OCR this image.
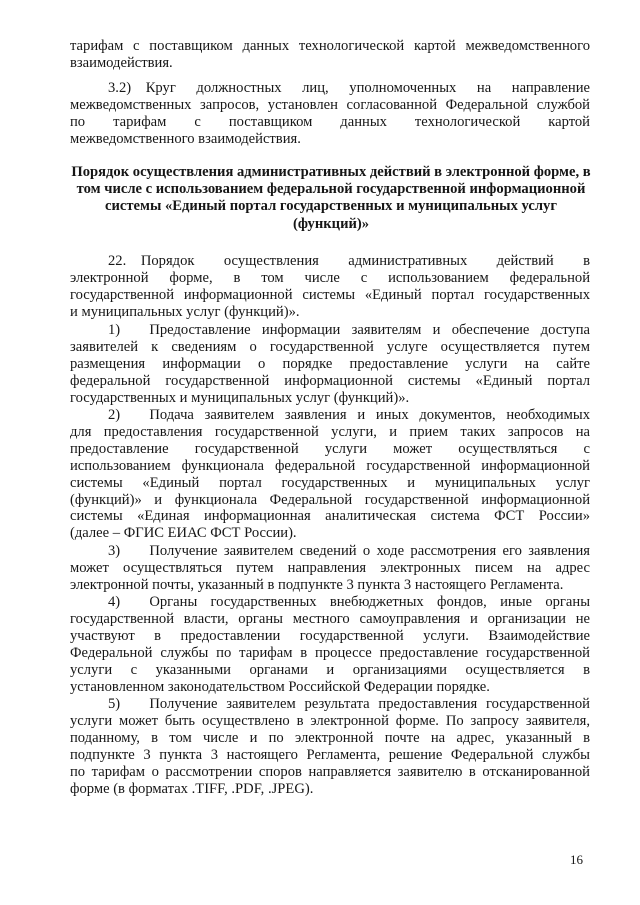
тарифам с поставщиком данных технологической картой межведомственного
взаимодействия.
3.2) Круг должностных лиц, уполномоченных на направление
межведомственных запросов, установлен согласованной Федеральной службой
по тарифам с поставщиком данных технологической картой
межведомственного взаимодействия.

Порядок осуществления административных действий в электронной форме, в том числе с использованием федеральной государственной информационной системы «Единый портал государственных и муниципальных услуг (функций)»

22. Порядок осуществления административных действий в
электронной форме, в том числе с использованием федеральной
государственной информационной системы «Единый портал государственных
и муниципальных услуг (функций)».
1)  Предоставление информации заявителям и обеспечение доступа
заявителей к сведениям о государственной услуге осуществляется путем
размещения информации о порядке предоставление услуги на сайте
федеральной государственной информационной системы «Единый портал
государственных и муниципальных услуг (функций)».
2)  Подача заявителем заявления и иных документов, необходимых
для предоставления государственной услуги, и прием таких запросов на
предоставление государственной услуги может осуществляться с
использованием функционала федеральной государственной информационной
системы «Единый портал государственных и муниципальных услуг
(функций)» и функционала Федеральной государственной информационной
системы «Единая информационная аналитическая система ФСТ России»
(далее – ФГИС ЕИАС ФСТ России).
3)  Получение заявителем сведений о ходе рассмотрения его заявления
может осуществляться путем направления электронных писем на адрес
электронной почты, указанный в подпункте 3 пункта 3 настоящего Регламента.
4)  Органы государственных внебюджетных фондов, иные органы
государственной власти, органы местного самоуправления и организации не
участвуют в предоставлении государственной услуги. Взаимодействие
Федеральной службы по тарифам в процессе предоставление государственной
услуги с указанными органами и организациями осуществляется в
установленном законодательством Российской Федерации порядке.
5)  Получение заявителем результата предоставления государственной
услуги может быть осуществлено в электронной форме. По запросу заявителя,
поданному, в том числе и по электронной почте на адрес, указанный в
подпункте 3 пункта 3 настоящего Регламента, решение Федеральной службы
по тарифам о рассмотрении споров направляется заявителю в отсканированной
форме (в форматах .TIFF, .PDF, .JPEG).
16
